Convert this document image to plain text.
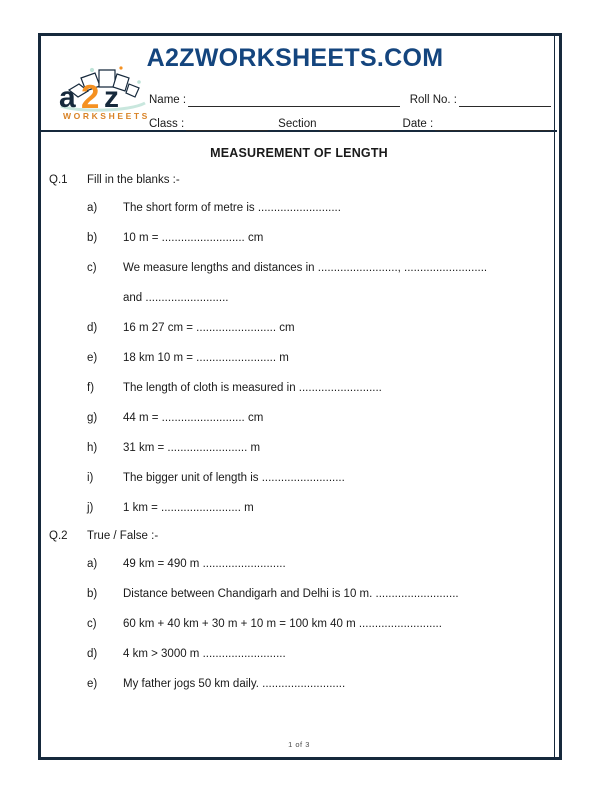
A2ZWORKSHEETS.COM
a 2 z
WORKSHEETS
Name :	Roll No. :
Class :	Section	Date :
MEASUREMENT OF LENGTH
Q.1	Fill in the blanks :-
a)	The short form of metre is ..........................
b)	10 m = .......................... cm
c)	We measure lengths and distances in ........................., ..........................
and ..........................
d)	16 m 27 cm = ......................... cm
e)	18 km 10 m = ......................... m
f)	The length of cloth is measured in ..........................
g)	44 m = .......................... cm
h)	31 km = ......................... m
i)	The bigger unit of length is ..........................
j)	1 km = ......................... m
Q.2	True / False :-
a)	49 km = 490 m ..........................
b)	Distance between Chandigarh and Delhi is 10 m. ..........................
c)	60 km + 40 km + 30 m + 10 m = 100 km 40 m ..........................
d)	4 km > 3000 m ..........................
e)	My father jogs 50 km daily. ..........................
1 of 3
